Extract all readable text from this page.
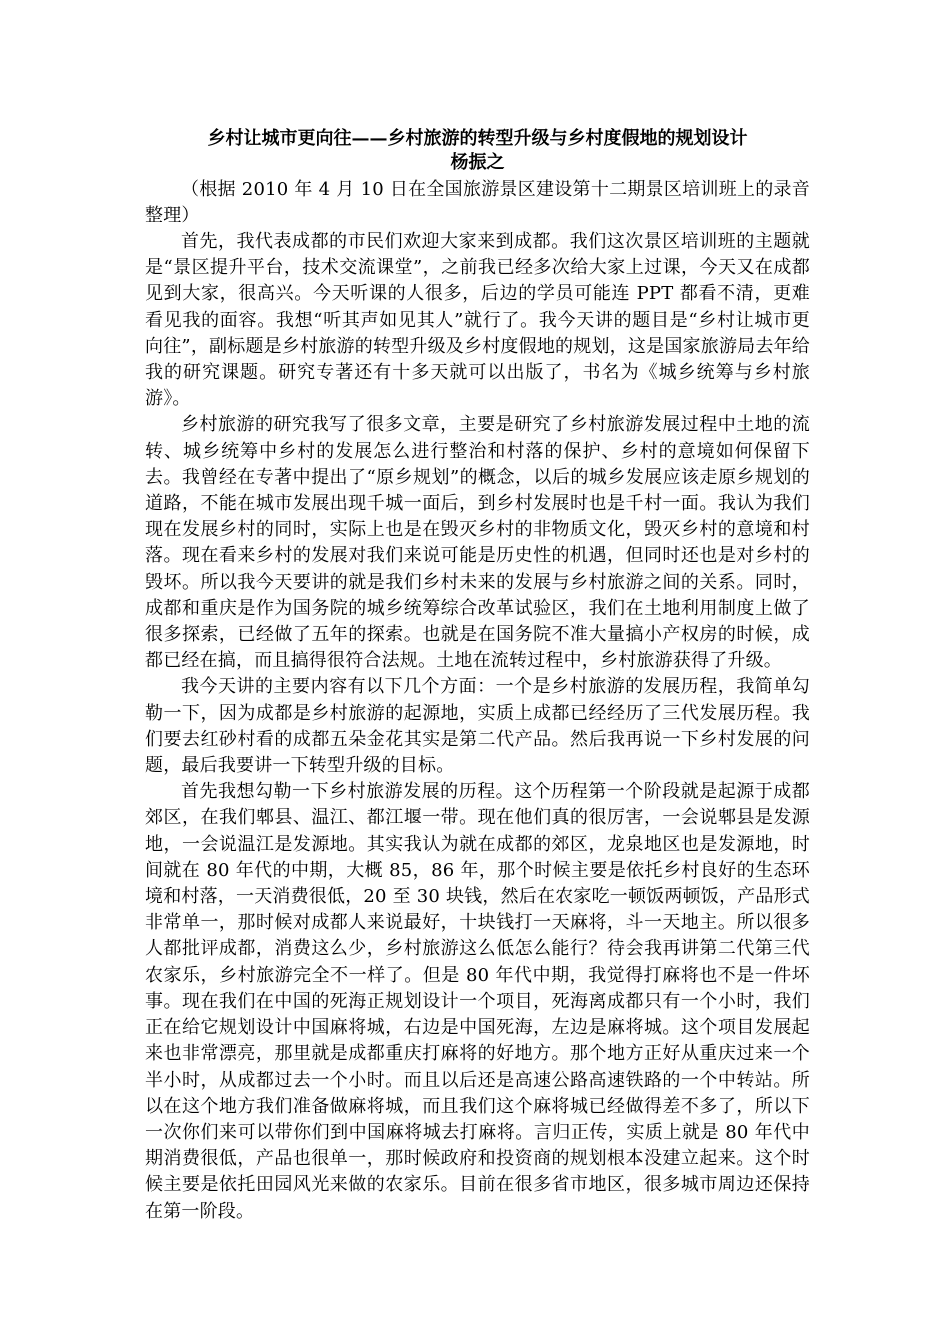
乡村让城市更向往——乡村旅游的转型升级与乡村度假地的规划设计
杨振之

（根据 2010 年 4 月 10 日在全国旅游景区建设第十二期景区培训班上的录音整理）

首先，我代表成都的市民们欢迎大家来到成都。我们这次景区培训班的主题就是“景区提升平台，技术交流课堂”，之前我已经多次给大家上过课，今天又在成都见到大家，很高兴。今天听课的人很多，后边的学员可能连 PPT 都看不清，更难看见我的面容。我想“听其声如见其人”就行了。我今天讲的题目是“乡村让城市更向往”，副标题是乡村旅游的转型升级及乡村度假地的规划，这是国家旅游局去年给我的研究课题。研究专著还有十多天就可以出版了，书名为《城乡统筹与乡村旅游》。

乡村旅游的研究我写了很多文章，主要是研究了乡村旅游发展过程中土地的流转、城乡统筹中乡村的发展怎么进行整治和村落的保护、乡村的意境如何保留下去。我曾经在专著中提出了“原乡规划”的概念，以后的城乡发展应该走原乡规划的道路，不能在城市发展出现千城一面后，到乡村发展时也是千村一面。我认为我们现在发展乡村的同时，实际上也是在毁灭乡村的非物质文化，毁灭乡村的意境和村落。现在看来乡村的发展对我们来说可能是历史性的机遇，但同时还也是对乡村的毁坏。所以我今天要讲的就是我们乡村未来的发展与乡村旅游之间的关系。同时，成都和重庆是作为国务院的城乡统筹综合改革试验区，我们在土地利用制度上做了很多探索，已经做了五年的探索。也就是在国务院不准大量搞小产权房的时候，成都已经在搞，而且搞得很符合法规。土地在流转过程中，乡村旅游获得了升级。

我今天讲的主要内容有以下几个方面：一个是乡村旅游的发展历程，我简单勾勒一下，因为成都是乡村旅游的起源地，实质上成都已经经历了三代发展历程。我们要去红砂村看的成都五朵金花其实是第二代产品。然后我再说一下乡村发展的问题，最后我要讲一下转型升级的目标。

首先我想勾勒一下乡村旅游发展的历程。这个历程第一个阶段就是起源于成都郊区，在我们郫县、温江、都江堰一带。现在他们真的很厉害，一会说郫县是发源地，一会说温江是发源地。其实我认为就在成都的郊区，龙泉地区也是发源地，时间就在 80 年代的中期，大概 85，86 年，那个时候主要是依托乡村良好的生态环境和村落，一天消费很低，20 至 30 块钱，然后在农家吃一顿饭两顿饭，产品形式非常单一，那时候对成都人来说最好，十块钱打一天麻将，斗一天地主。所以很多人都批评成都，消费这么少，乡村旅游这么低怎么能行？待会我再讲第二代第三代农家乐，乡村旅游完全不一样了。但是 80 年代中期，我觉得打麻将也不是一件坏事。现在我们在中国的死海正规划设计一个项目，死海离成都只有一个小时，我们正在给它规划设计中国麻将城，右边是中国死海，左边是麻将城。这个项目发展起来也非常漂亮，那里就是成都重庆打麻将的好地方。那个地方正好从重庆过来一个半小时，从成都过去一个小时。而且以后还是高速公路高速铁路的一个中转站。所以在这个地方我们准备做麻将城，而且我们这个麻将城已经做得差不多了，所以下一次你们来可以带你们到中国麻将城去打麻将。言归正传，实质上就是 80 年代中期消费很低，产品也很单一，那时候政府和投资商的规划根本没建立起来。这个时候主要是依托田园风光来做的农家乐。目前在很多省市地区，很多城市周边还保持在第一阶段。
